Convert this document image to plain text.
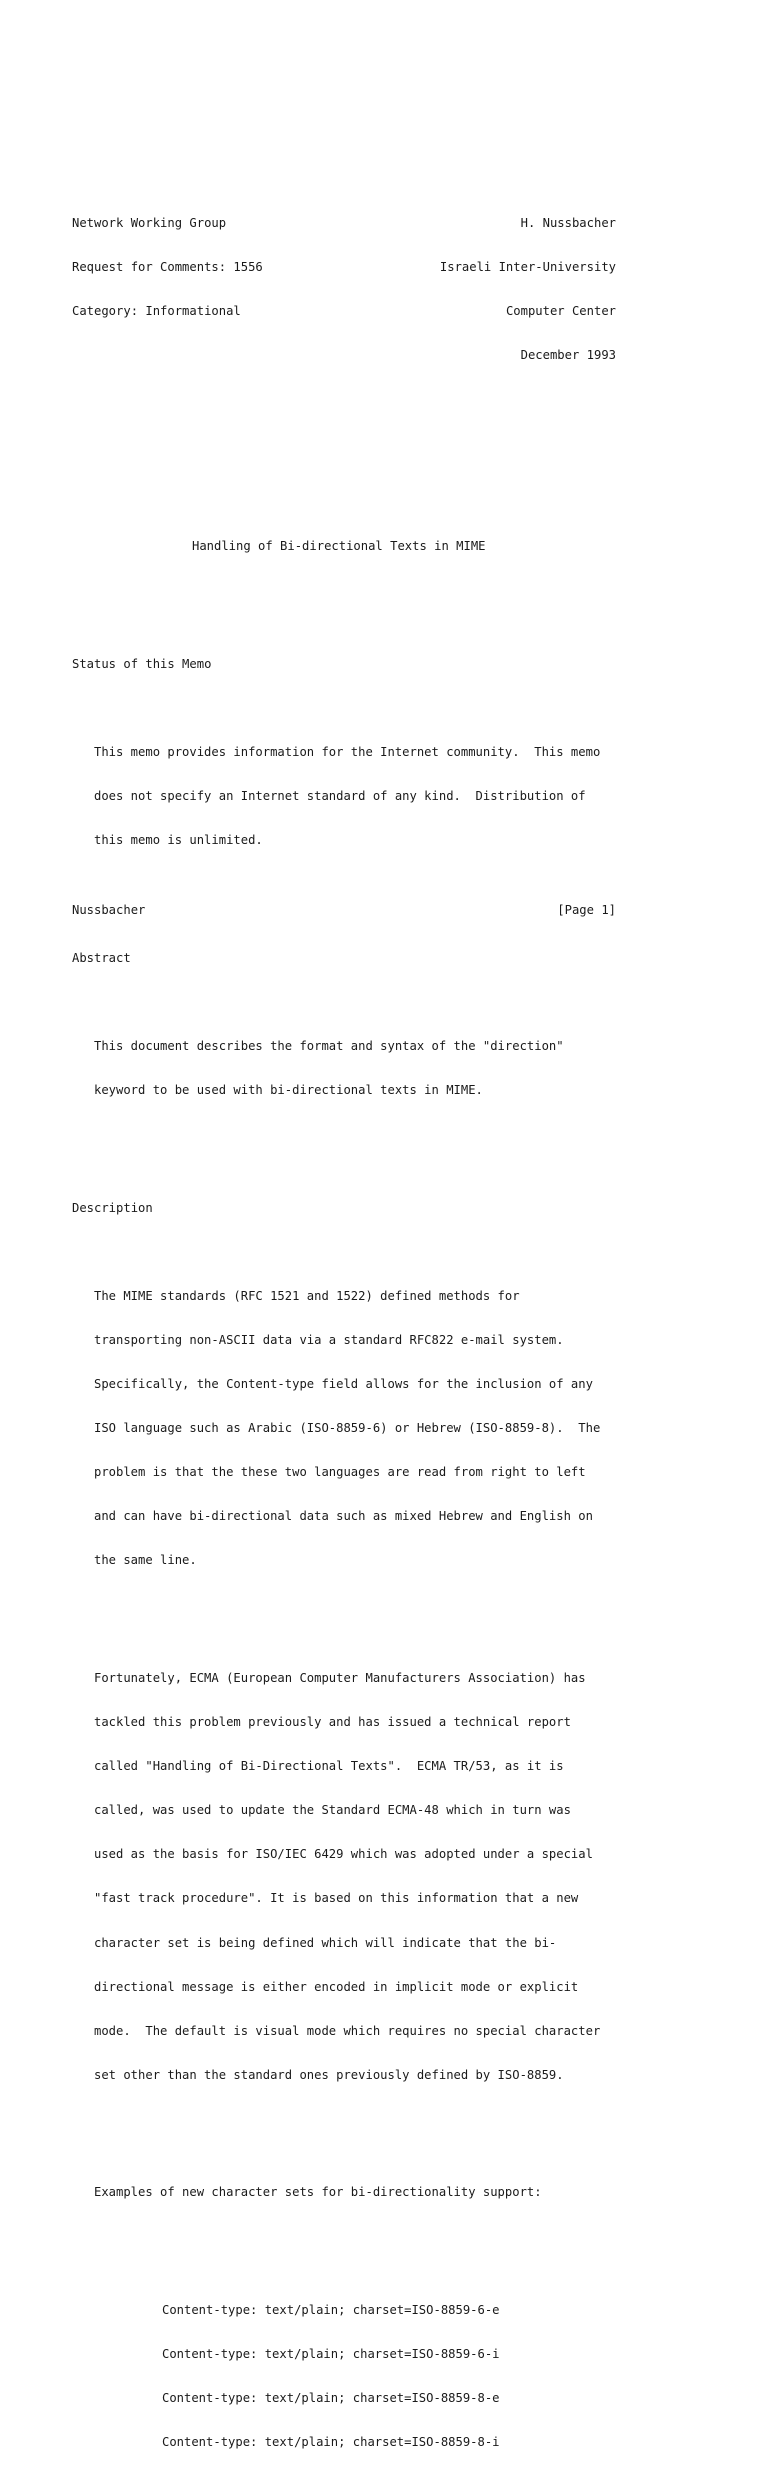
Network Working Group	H. Nussbacher

Request for Comments: 1556	Israeli Inter-University

Category: Informational	Computer Center

December 1993

Handling of Bi-directional Texts in MIME

Status of this Memo

This memo provides information for the Internet community.  This memo

does not specify an Internet standard of any kind.  Distribution of

this memo is unlimited.

Abstract

This document describes the format and syntax of the "direction"

keyword to be used with bi-directional texts in MIME.

Description

The MIME standards (RFC 1521 and 1522) defined methods for

transporting non-ASCII data via a standard RFC822 e-mail system.

Specifically, the Content-type field allows for the inclusion of any

ISO language such as Arabic (ISO-8859-6) or Hebrew (ISO-8859-8).  The

problem is that the these two languages are read from right to left

and can have bi-directional data such as mixed Hebrew and English on

the same line.

Fortunately, ECMA (European Computer Manufacturers Association) has

tackled this problem previously and has issued a technical report

called "Handling of Bi-Directional Texts".  ECMA TR/53, as it is

called, was used to update the Standard ECMA-48 which in turn was

used as the basis for ISO/IEC 6429 which was adopted under a special

"fast track procedure". It is based on this information that a new

character set is being defined which will indicate that the bi-

directional message is either encoded in implicit mode or explicit

mode.  The default is visual mode which requires no special character

set other than the standard ones previously defined by ISO-8859.

Examples of new character sets for bi-directionality support:

Content-type: text/plain; charset=ISO-8859-6-e

Content-type: text/plain; charset=ISO-8859-6-i

Content-type: text/plain; charset=ISO-8859-8-e

Content-type: text/plain; charset=ISO-8859-8-i

Nussbacher	[Page 1]
